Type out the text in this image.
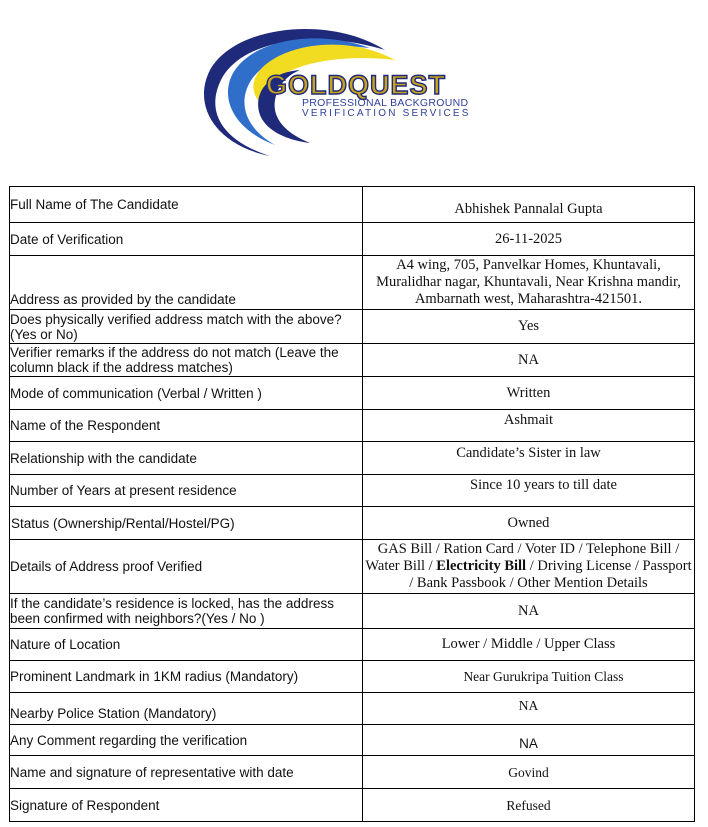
GOLDQUEST
PROFESSIONAL BACKGROUND
VERIFICATION SERVICES
Full Name of The Candidate	Abhishek Pannalal Gupta
Date of Verification	26-11-2025
Address as provided by the candidate	A4 wing, 705, Panvelkar Homes, Khuntavali, Muralidhar nagar, Khuntavali, Near Krishna mandir, Ambarnath west, Maharashtra-421501.
Does physically verified address match with the above? (Yes or No)	Yes
Verifier remarks if the address do not match (Leave the column black if the address matches)	NA
Mode of communication (Verbal / Written )	Written
Name of the Respondent	Ashmait
Relationship with the candidate	Candidate’s Sister in law
Number of Years at present residence	Since 10 years to till date
Status (Ownership/Rental/Hostel/PG)	Owned
Details of Address proof Verified	GAS Bill / Ration Card / Voter ID / Telephone Bill / Water Bill / Electricity Bill / Driving License / Passport / Bank Passbook / Other Mention Details
If the candidate’s residence is locked, has the address been confirmed with neighbors?(Yes / No )	NA
Nature of Location	Lower / Middle / Upper Class
Prominent Landmark in 1KM radius (Mandatory)	Near Gurukripa Tuition Class
Nearby Police Station (Mandatory)	NA
Any Comment regarding the verification	NA
Name and signature of representative with date	Govind
Signature of Respondent	Refused
